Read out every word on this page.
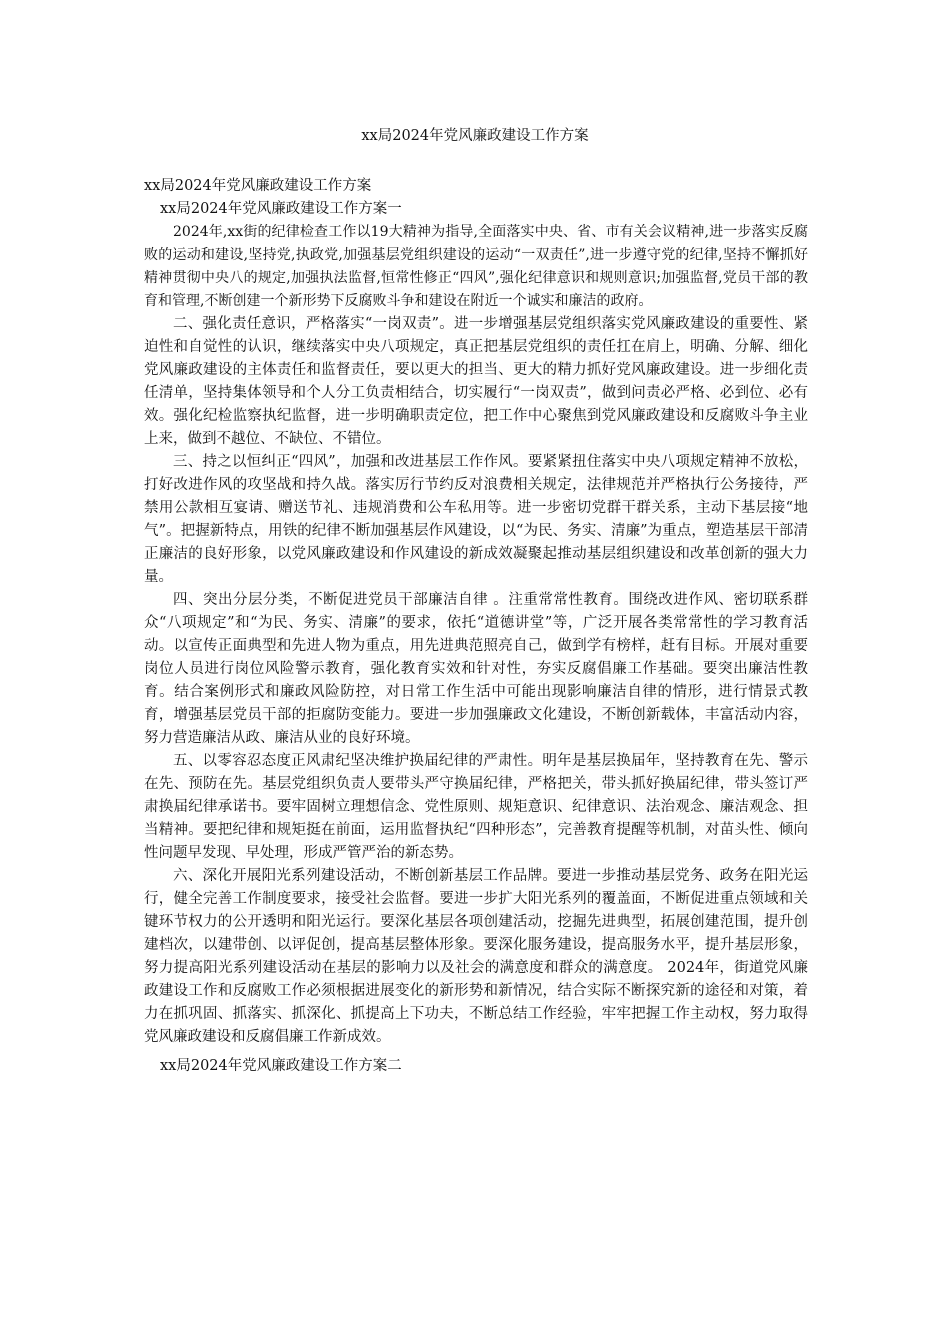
xx局2024年党风廉政建设工作方案

xx局2024年党风廉政建设工作方案

xx局2024年党风廉政建设工作方案一

2024年,xx街的纪律检查工作以19大精神为指导,全面落实中央、省、市有关会议精神,进一步落实反腐败的运动和建设,坚持党,执政党,加强基层党组织建设的运动“一双责任”,进一步遵守党的纪律,坚持不懈抓好精神贯彻中央八的规定,加强执法监督,恒常性修正“四风”,强化纪律意识和规则意识;加强监督,党员干部的教育和管理,不断创建一个新形势下反腐败斗争和建设在附近一个诚实和廉洁的政府。

二、强化责任意识，严格落实“一岗双责”。进一步增强基层党组织落实党风廉政建设的重要性、紧迫性和自觉性的认识，继续落实中央八项规定，真正把基层党组织的责任扛在肩上，明确、分解、细化党风廉政建设的主体责任和监督责任，要以更大的担当、更大的精力抓好党风廉政建设。进一步细化责任清单，坚持集体领导和个人分工负责相结合，切实履行“一岗双责”，做到问责必严格、必到位、必有效。强化纪检监察执纪监督，进一步明确职责定位，把工作中心聚焦到党风廉政建设和反腐败斗争主业上来，做到不越位、不缺位、不错位。

三、持之以恒纠正“四风”，加强和改进基层工作作风。要紧紧扭住落实中央八项规定精神不放松，打好改进作风的攻坚战和持久战。落实厉行节约反对浪费相关规定，法律规范并严格执行公务接待，严禁用公款相互宴请、赠送节礼、违规消费和公车私用等。进一步密切党群干群关系，主动下基层接“地气”。把握新特点，用铁的纪律不断加强基层作风建设，以“为民、务实、清廉”为重点，塑造基层干部清正廉洁的良好形象，以党风廉政建设和作风建设的新成效凝聚起推动基层组织建设和改革创新的强大力量。

四、突出分层分类，不断促进党员干部廉洁自律 。注重常常性教育。围绕改进作风、密切联系群众“八项规定”和“为民、务实、清廉”的要求，依托“道德讲堂”等，广泛开展各类常常性的学习教育活动。以宣传正面典型和先进人物为重点，用先进典范照亮自己，做到学有榜样，赶有目标。开展对重要岗位人员进行岗位风险警示教育，强化教育实效和针对性，夯实反腐倡廉工作基础。要突出廉洁性教育。结合案例形式和廉政风险防控，对日常工作生活中可能出现影响廉洁自律的情形，进行情景式教育，增强基层党员干部的拒腐防变能力。要进一步加强廉政文化建设，不断创新载体，丰富活动内容，努力营造廉洁从政、廉洁从业的良好环境。

五、以零容忍态度正风肃纪坚决维护换届纪律的严肃性。明年是基层换届年，坚持教育在先、警示在先、预防在先。基层党组织负责人要带头严守换届纪律，严格把关，带头抓好换届纪律，带头签订严肃换届纪律承诺书。要牢固树立理想信念、党性原则、规矩意识、纪律意识、法治观念、廉洁观念、担当精神。要把纪律和规矩挺在前面，运用监督执纪“四种形态”，完善教育提醒等机制，对苗头性、倾向性问题早发现、早处理，形成严管严治的新态势。

六、深化开展阳光系列建设活动，不断创新基层工作品牌。要进一步推动基层党务、政务在阳光运行，健全完善工作制度要求，接受社会监督。要进一步扩大阳光系列的覆盖面，不断促进重点领域和关键环节权力的公开透明和阳光运行。要深化基层各项创建活动，挖掘先进典型，拓展创建范围，提升创建档次，以建带创、以评促创，提高基层整体形象。要深化服务建设，提高服务水平，提升基层形象，努力提高阳光系列建设活动在基层的影响力以及社会的满意度和群众的满意度。 2024年，街道党风廉政建设工作和反腐败工作必须根据进展变化的新形势和新情况，结合实际不断探究新的途径和对策，着力在抓巩固、抓落实、抓深化、抓提高上下功夫，不断总结工作经验，牢牢把握工作主动权，努力取得党风廉政建设和反腐倡廉工作新成效。

xx局2024年党风廉政建设工作方案二
